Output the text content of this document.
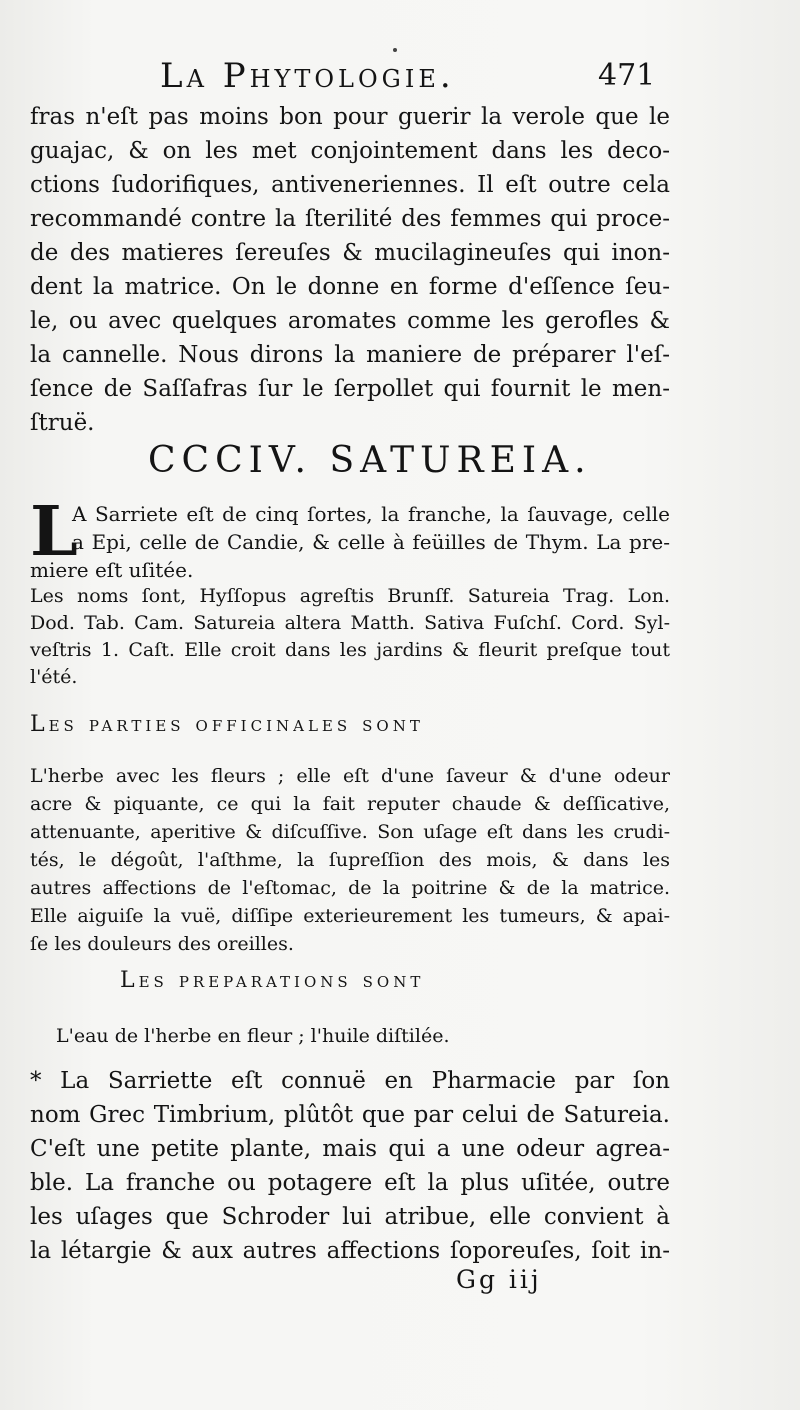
La Phytologie.	471
fras n'eſt pas moins bon pour guerir la verole que le
guajac, & on les met conjointement dans les deco-
ctions ſudorifiques, antiveneriennes. Il eſt outre cela
recommandé contre la ſterilité des femmes qui proce-
de des matieres ſereuſes & mucilagineuſes qui inon-
dent la matrice. On le donne en forme d'eſſence ſeu-
le, ou avec quelques aromates comme les gerofles &
la cannelle. Nous dirons la maniere de préparer l'eſ-
ſence de Saſſafras ſur le ſerpollet qui fournit le men-
ſtruë.
CCCIV. SATUREIA.
L
A Sarriete eſt de cinq ſortes, la franche, la ſauvage, celle
a Epi, celle de Candie, & celle à feüilles de Thym. La pre-
miere eſt uſitée.
Les noms ſont, Hyſſopus agreſtis Brunſf. Satureia Trag. Lon.
Dod. Tab. Cam. Satureia altera Matth. Sativa Fuſchſ. Cord. Syl-
veſtris 1. Caſt. Elle croit dans les jardins & fleurit preſque tout
l'été.
Les parties officinales sont
L'herbe avec les fleurs ; elle eſt d'une ſaveur & d'une odeur
acre & piquante, ce qui la fait reputer chaude & deſſicative,
attenuante, aperitive & diſcuſſive. Son uſage eſt dans les crudi-
tés, le dégoût, l'aſthme, la ſupreſſion des mois, & dans les
autres affections de l'eſtomac, de la poitrine & de la matrice.
Elle aiguiſe la vuë, diſſipe exterieurement les tumeurs, & apai-
ſe les douleurs des oreilles.
Les preparations sont
L'eau de l'herbe en fleur ; l'huile diſtilée.
* La Sarriette eſt connuë en Pharmacie par ſon
nom Grec Timbrium, plûtôt que par celui de Satureia.
C'eſt une petite plante, mais qui a une odeur agrea-
ble. La franche ou potagere eſt la plus uſitée, outre
les uſages que Schroder lui atribue, elle convient à
la létargie & aux autres affections ſoporeuſes, ſoit in-
Gg iij
